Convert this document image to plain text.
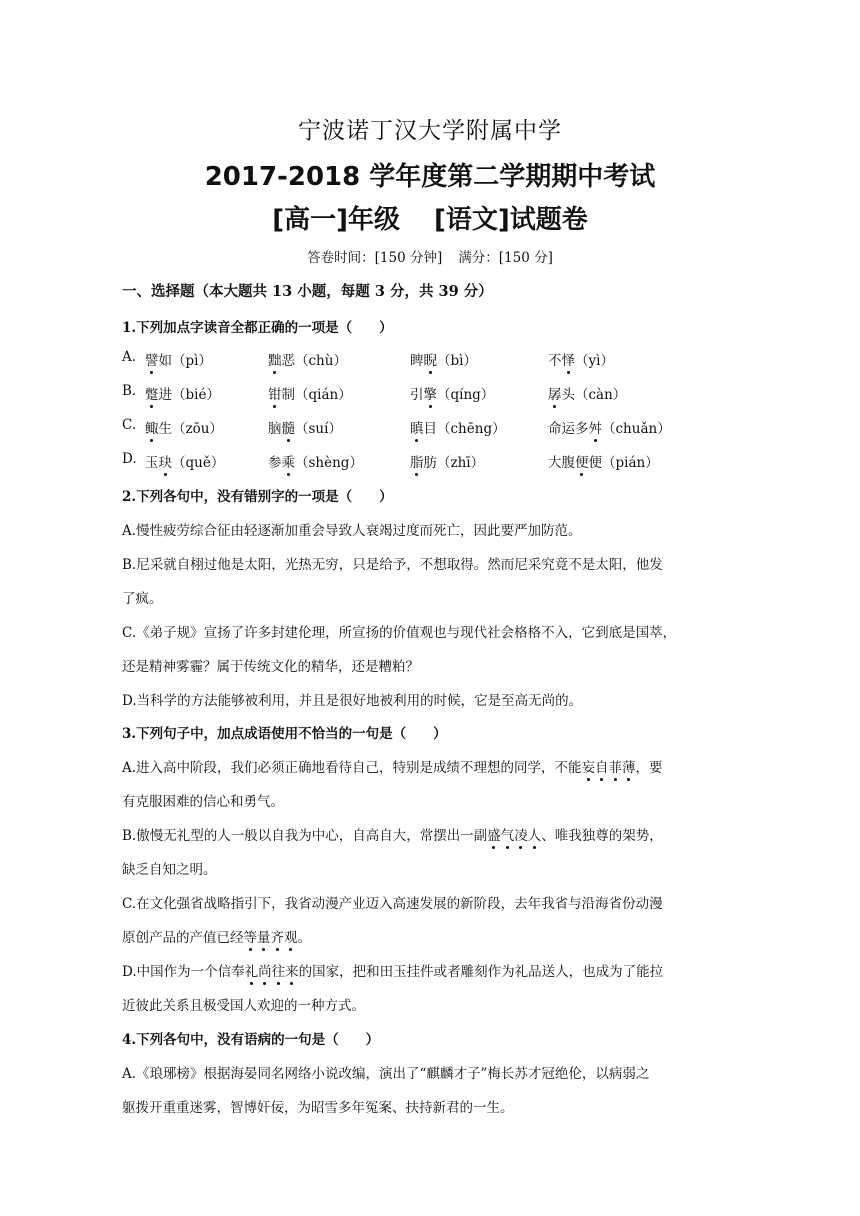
宁波诺丁汉大学附属中学
2017-2018 学年度第二学期期中考试
[高一]年级 [语文]试题卷
答卷时间：[150 分钟] 满分：[150 分]
一、选择题（本大题共 13 小题，每题 3 分，共 39 分）
1.下列加点字读音全都正确的一项是（　　）
A. 譬如（pì）	黜恶（chù）	睥睨（bì）	不怿（yì）
B. 蹩进（bié）	钳制（qián）	引擎（qíng）	孱头（càn）
C. 鲰生（zōu）	脑髓（suí）	瞋目（chēng）	命运多舛（chuǎn）
D. 玉玦（quě）	参乘（shèng）	脂肪（zhī）	大腹便便（pián）
2.下列各句中，没有错别字的一项是（　　）
A.慢性疲劳综合征由轻逐渐加重会导致人衰竭过度而死亡，因此要严加防范。
B.尼采就自栩过他是太阳，光热无穷，只是给予，不想取得。然而尼采究竟不是太阳，他发
了疯。
C.《弟子规》宣扬了许多封建伦理，所宣扬的价值观也与现代社会格格不入，它到底是国萃，
还是精神雾霾？属于传统文化的精华，还是糟粕？
D.当科学的方法能够被利用，并且是很好地被利用的时候，它是至高无尚的。
3.下列句子中，加点成语使用不恰当的一句是（　　）
A.进入高中阶段，我们必须正确地看待自己，特别是成绩不理想的同学，不能妄自菲薄，要
有克服困难的信心和勇气。
B.傲慢无礼型的人一般以自我为中心，自高自大，常摆出一副盛气凌人、唯我独尊的架势，
缺乏自知之明。
C.在文化强省战略指引下，我省动漫产业迈入高速发展的新阶段，去年我省与沿海省份动漫
原创产品的产值已经等量齐观。
D.中国作为一个信奉礼尚往来的国家，把和田玉挂件或者雕刻作为礼品送人，也成为了能拉
近彼此关系且极受国人欢迎的一种方式。
4.下列各句中，没有语病的一句是（　　）
A.《琅琊榜》根据海晏同名网络小说改编，演出了“麒麟才子”梅长苏才冠绝伦，以病弱之
躯拨开重重迷雾，智博奸佞，为昭雪多年冤案、扶持新君的一生。
